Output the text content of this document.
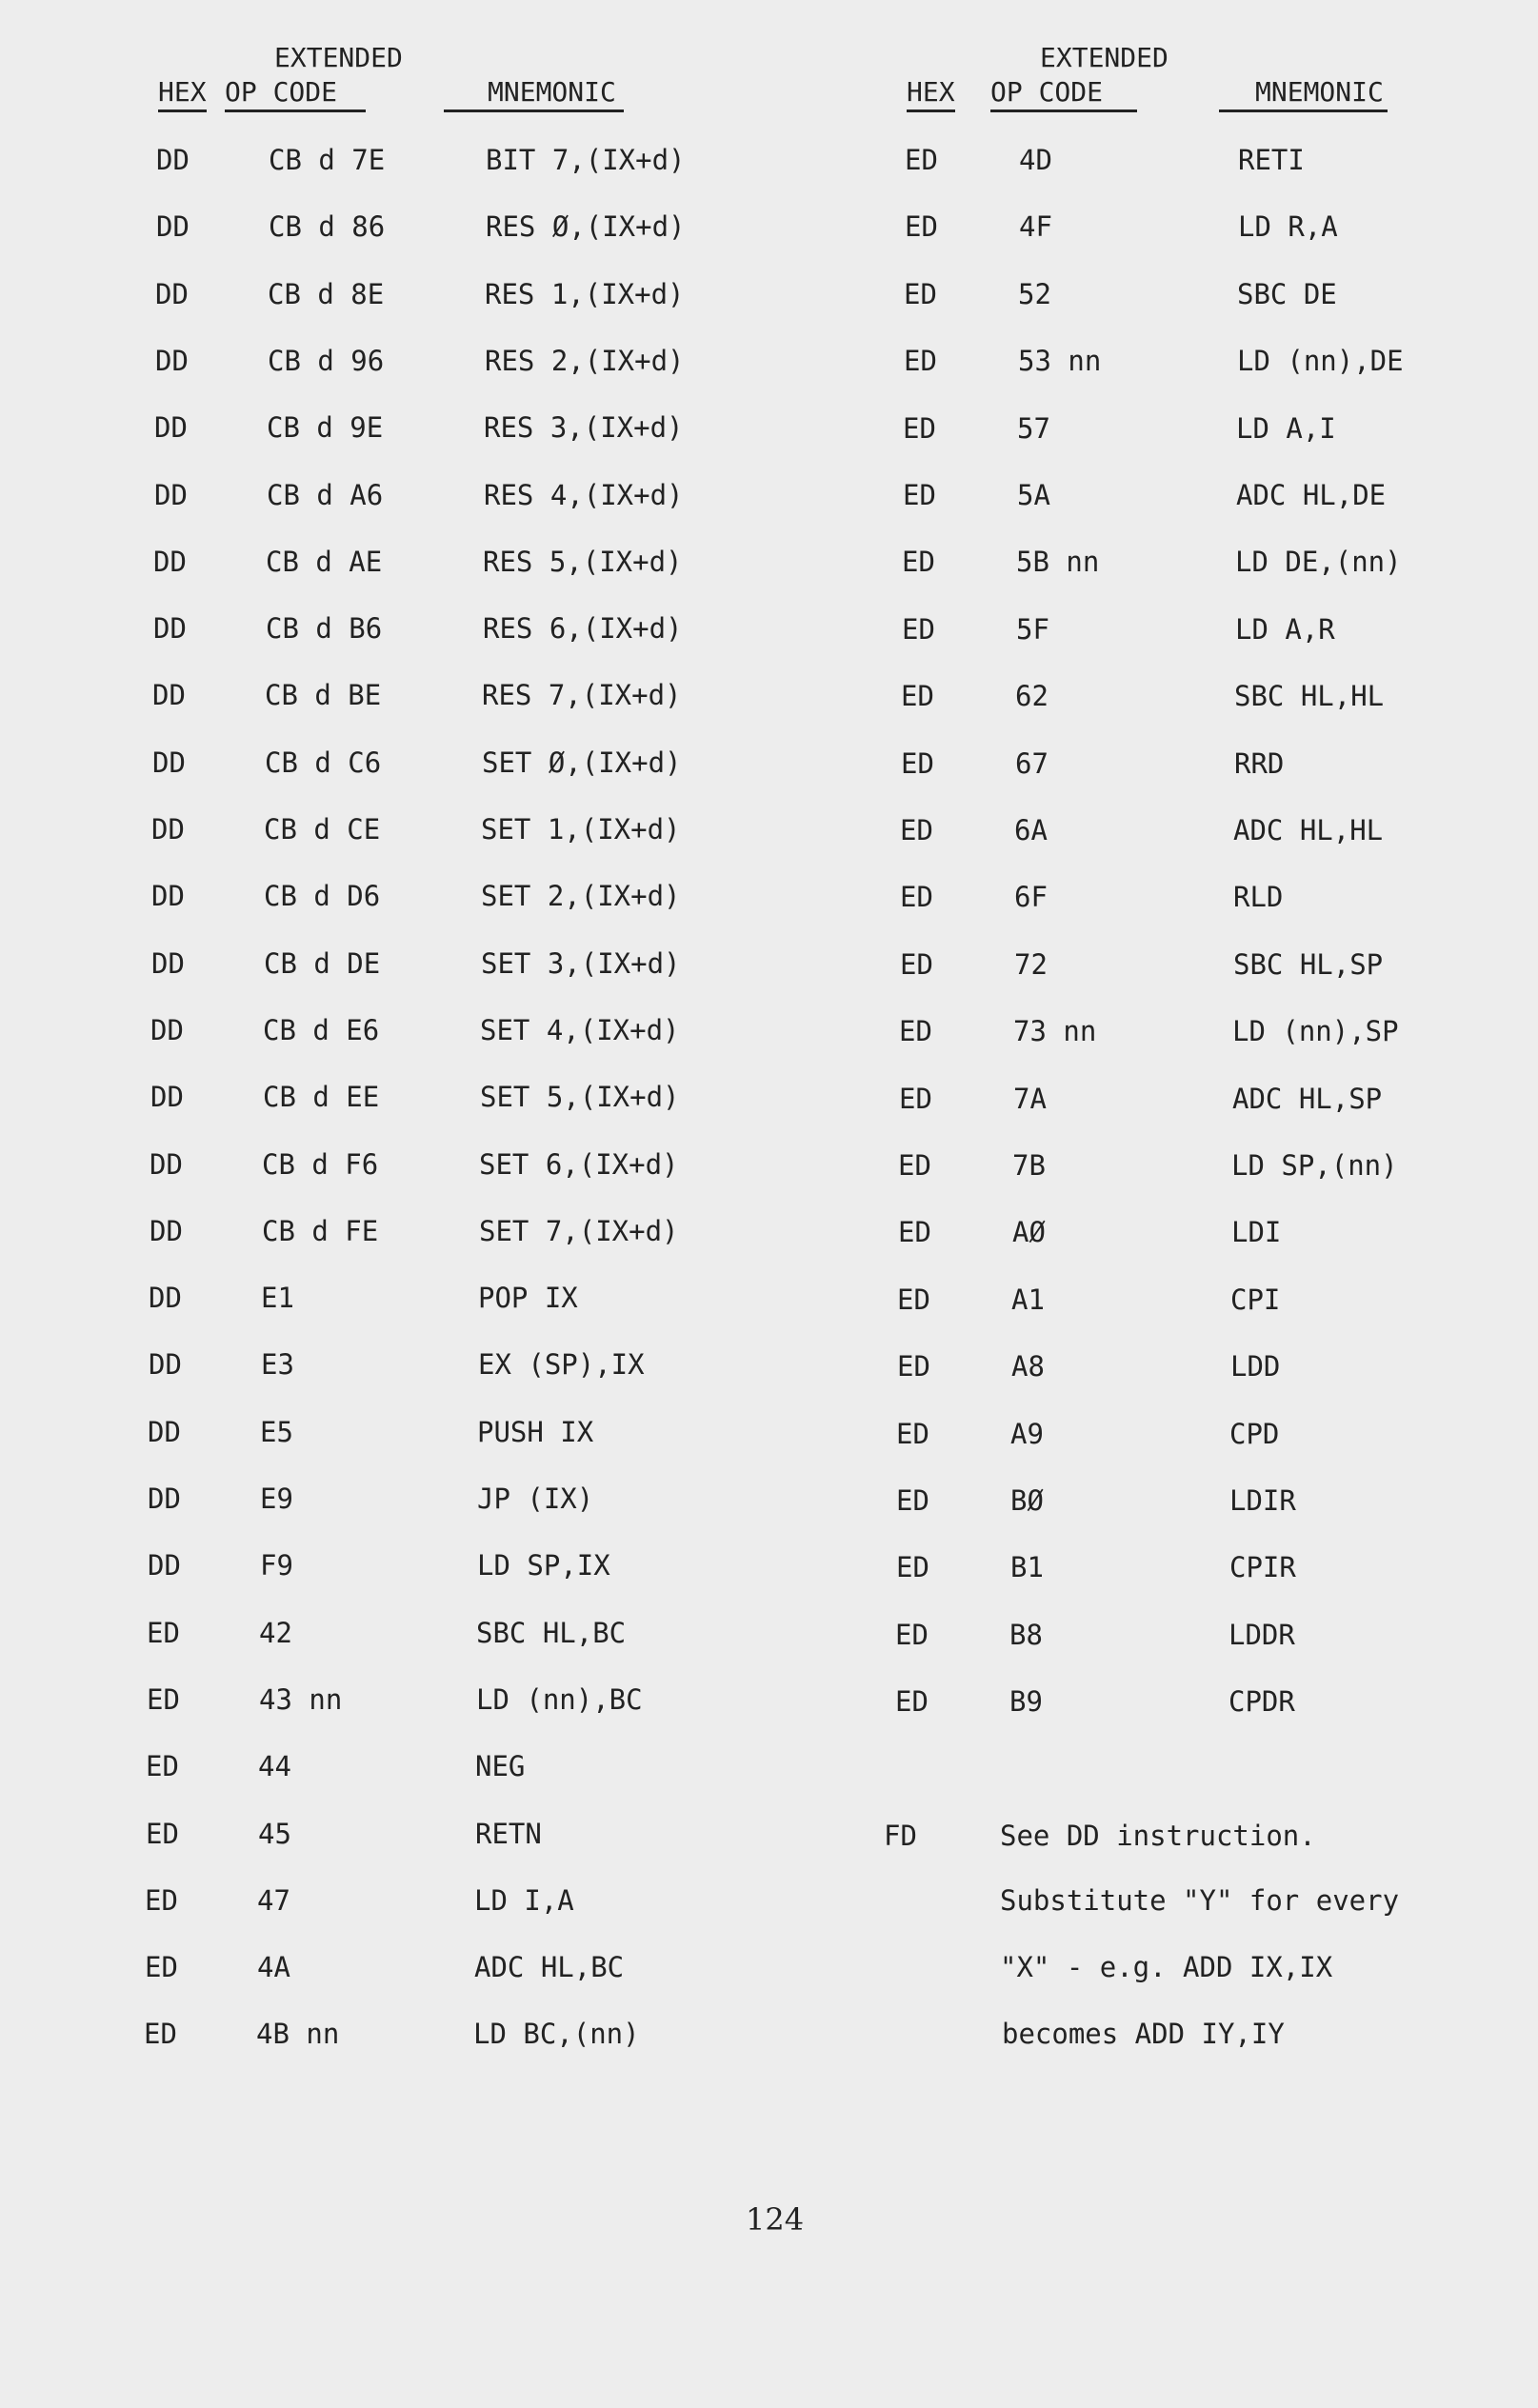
EXTENDED
HEX OP CODE	MNEMONIC
EXTENDED
HEX OP CODE	MNEMONIC
DD	CB d 7E	BIT 7,(IX+d)
DD	CB d 86	RES Ø,(IX+d)
DD	CB d 8E	RES 1,(IX+d)
DD	CB d 96	RES 2,(IX+d)
DD	CB d 9E	RES 3,(IX+d)
DD	CB d A6	RES 4,(IX+d)
DD	CB d AE	RES 5,(IX+d)
DD	CB d B6	RES 6,(IX+d)
DD	CB d BE	RES 7,(IX+d)
DD	CB d C6	SET Ø,(IX+d)
DD	CB d CE	SET 1,(IX+d)
DD	CB d D6	SET 2,(IX+d)
DD	CB d DE	SET 3,(IX+d)
DD	CB d E6	SET 4,(IX+d)
DD	CB d EE	SET 5,(IX+d)
DD	CB d F6	SET 6,(IX+d)
DD	CB d FE	SET 7,(IX+d)
DD	E1	POP IX
DD	E3	EX (SP),IX
DD	E5	PUSH IX
DD	E9	JP (IX)
DD	F9	LD SP,IX
ED	42	SBC HL,BC
ED	43 nn	LD (nn),BC
ED	44	NEG
ED	45	RETN
ED	47	LD I,A
ED	4A	ADC HL,BC
ED	4B nn	LD BC,(nn)
ED	4D	RETI
ED	4F	LD R,A
ED	52	SBC DE
ED	53 nn	LD (nn),DE
ED	57	LD A,I
ED	5A	ADC HL,DE
ED	5B nn	LD DE,(nn)
ED	5F	LD A,R
ED	62	SBC HL,HL
ED	67	RRD
ED	6A	ADC HL,HL
ED	6F	RLD
ED	72	SBC HL,SP
ED	73 nn	LD (nn),SP
ED	7A	ADC HL,SP
ED	7B	LD SP,(nn)
ED	AØ	LDI
ED	A1	CPI
ED	A8	LDD
ED	A9	CPD
ED	BØ	LDIR
ED	B1	CPIR
ED	B8	LDDR
ED	B9	CPDR
FD	See DD instruction.
Substitute "Y" for every
"X" - e.g. ADD IX,IX
becomes ADD IY,IY
124
